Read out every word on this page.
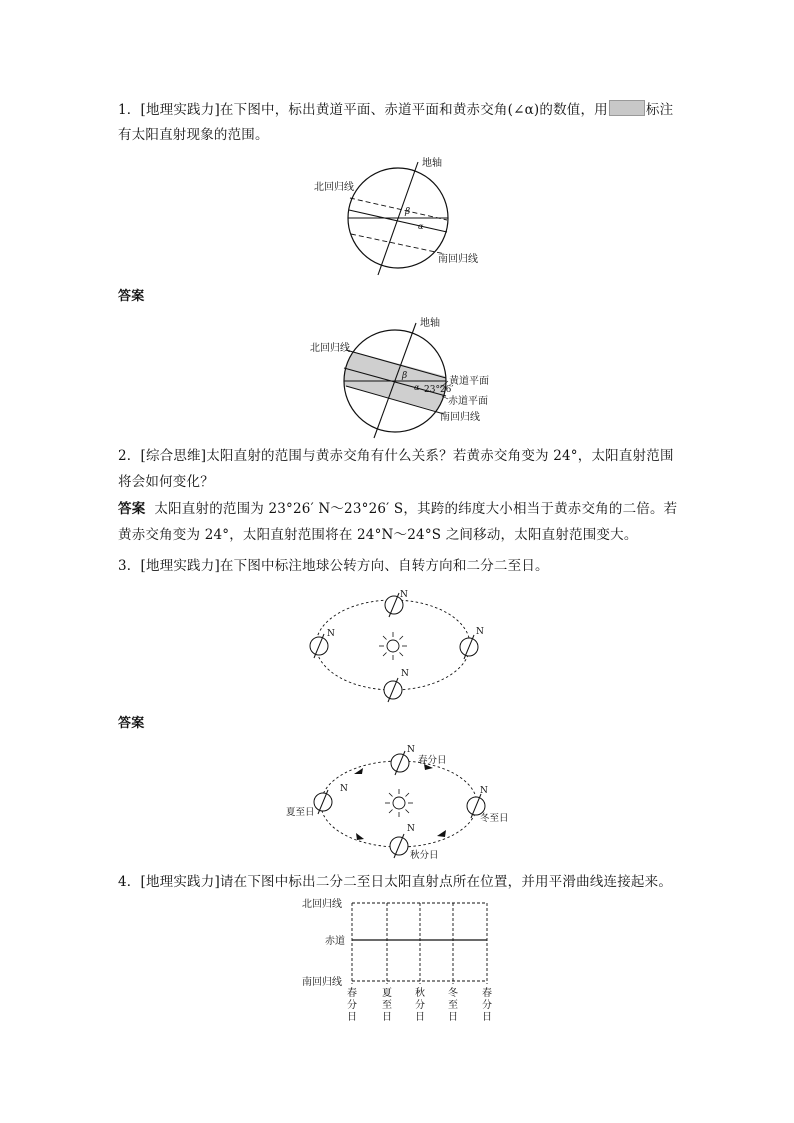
1．[地理实践力]在下图中，标出黄道平面、赤道平面和黄赤交角(∠α)的数值，用	标注
有太阳直射现象的范围。
地轴
北回归线
南回归线
β
α
答案
地轴
北回归线
黄道平面
赤道平面
南回归线
23°26′
β
α
2．[综合思维]太阳直射的范围与黄赤交角有什么关系？若黄赤交角变为 24°，太阳直射范围
将会如何变化？
答案 太阳直射的范围为 23°26′ N～23°26′ S，其跨的纬度大小相当于黄赤交角的二倍。若
黄赤交角变为 24°，太阳直射范围将在 24°N～24°S 之间移动，太阳直射范围变大。
3．[地理实践力]在下图中标注地球公转方向、自转方向和二分二至日。
N
N	N
N
答案
N
春分日
N
夏至日
N
冬至日
N
秋分日
4．[地理实践力]请在下图中标出二分二至日太阳直射点所在位置，并用平滑曲线连接起来。
北回归线
赤道
南回归线
春
分
日
夏
至
日
秋
分
日
冬
至
日
春
分
日
